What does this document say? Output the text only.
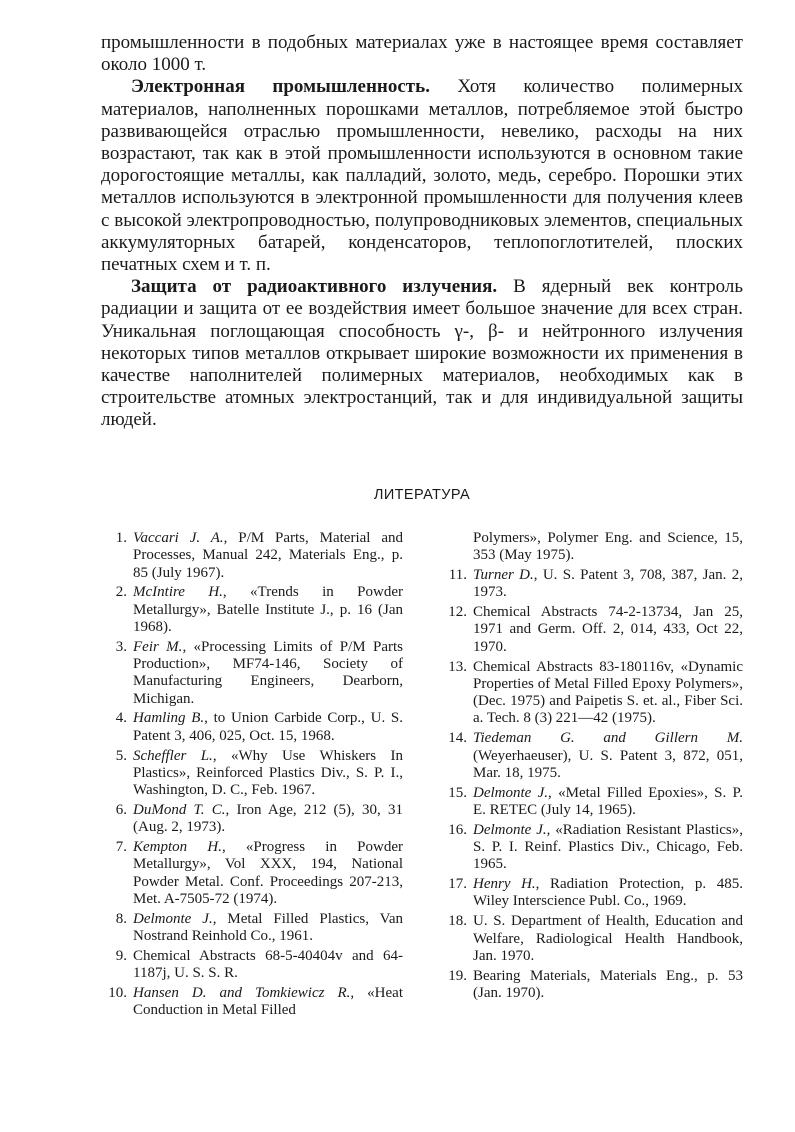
промышленности в подобных материалах уже в настоящее время составляет около 1000 т.

Электронная промышленность. Хотя количество полимерных материалов, наполненных порошками металлов, потребляемое этой быстро развивающейся отраслью промышленности, невелико, расходы на них возрастают, так как в этой промышленности используются в основном такие дорогостоящие металлы, как палладий, золото, медь, серебро. Порошки этих металлов используются в электронной промышленности для получения клеев с высокой электропроводностью, полупроводниковых элементов, специальных аккумуляторных батарей, конденсаторов, теплопоглотителей, плоских печатных схем и т. п.

Защита от радиоактивного излучения. В ядерный век контроль радиации и защита от ее воздействия имеет большое значение для всех стран. Уникальная поглощающая способность γ-, β- и нейтронного излучения некоторых типов металлов открывает широкие возможности их применения в качестве наполнителей полимерных материалов, необходимых как в строительстве атомных электростанций, так и для индивидуальной защиты людей.

ЛИТЕРАТУРА

1. Vaccari J. A., P/M Parts, Material and Processes, Manual 242, Materials Eng., p. 85 (July 1967).

2. McIntire H., «Trends in Powder Metallurgy», Batelle Institute J., p. 16 (Jan 1968).

3. Feir M., «Processing Limits of P/M Parts Production», MF74-146, Society of Manufacturing Engineers, Dearborn, Michigan.

4. Hamling B., to Union Carbide Corp., U. S. Patent 3, 406, 025, Oct. 15, 1968.

5. Scheffler L., «Why Use Whiskers In Plastics», Reinforced Plastics Div., S. P. I., Washington, D. C., Feb. 1967.

6. DuMond T. C., Iron Age, 212 (5), 30, 31 (Aug. 2, 1973).

7. Kempton H., «Progress in Powder Metallurgy», Vol XXX, 194, National Powder Metal. Conf. Proceedings 207-213, Met. A-7505-72 (1974).

8. Delmonte J., Metal Filled Plastics, Van Nostrand Reinhold Co., 1961.

9. Chemical Abstracts 68-5-40404v and 64-1187j, U. S. S. R.

10. Hansen D. and Tomkiewicz R., «Heat Conduction in Metal Filled

Polymers», Polymer Eng. and Science, 15, 353 (May 1975).

11. Turner D., U. S. Patent 3, 708, 387, Jan. 2, 1973.

12. Chemical Abstracts 74-2-13734, Jan 25, 1971 and Germ. Off. 2, 014, 433, Oct 22, 1970.

13. Chemical Abstracts 83-180116v, «Dynamic Properties of Metal Filled Epoxy Polymers», (Dec. 1975) and Paipetis S. et. al., Fiber Sci. a. Tech. 8 (3) 221—42 (1975).

14. Tiedeman G. and Gillern M. (Weyerhaeuser), U. S. Patent 3, 872, 051, Mar. 18, 1975.

15. Delmonte J., «Metal Filled Epoxies», S. P. E. RETEC (July 14, 1965).

16. Delmonte J., «Radiation Resistant Plastics», S. P. I. Reinf. Plastics Div., Chicago, Feb. 1965.

17. Henry H., Radiation Protection, p. 485. Wiley Interscience Publ. Co., 1969.

18. U. S. Department of Health, Education and Welfare, Radiological Health Handbook, Jan. 1970.

19. Bearing Materials, Materials Eng., p. 53 (Jan. 1970).
